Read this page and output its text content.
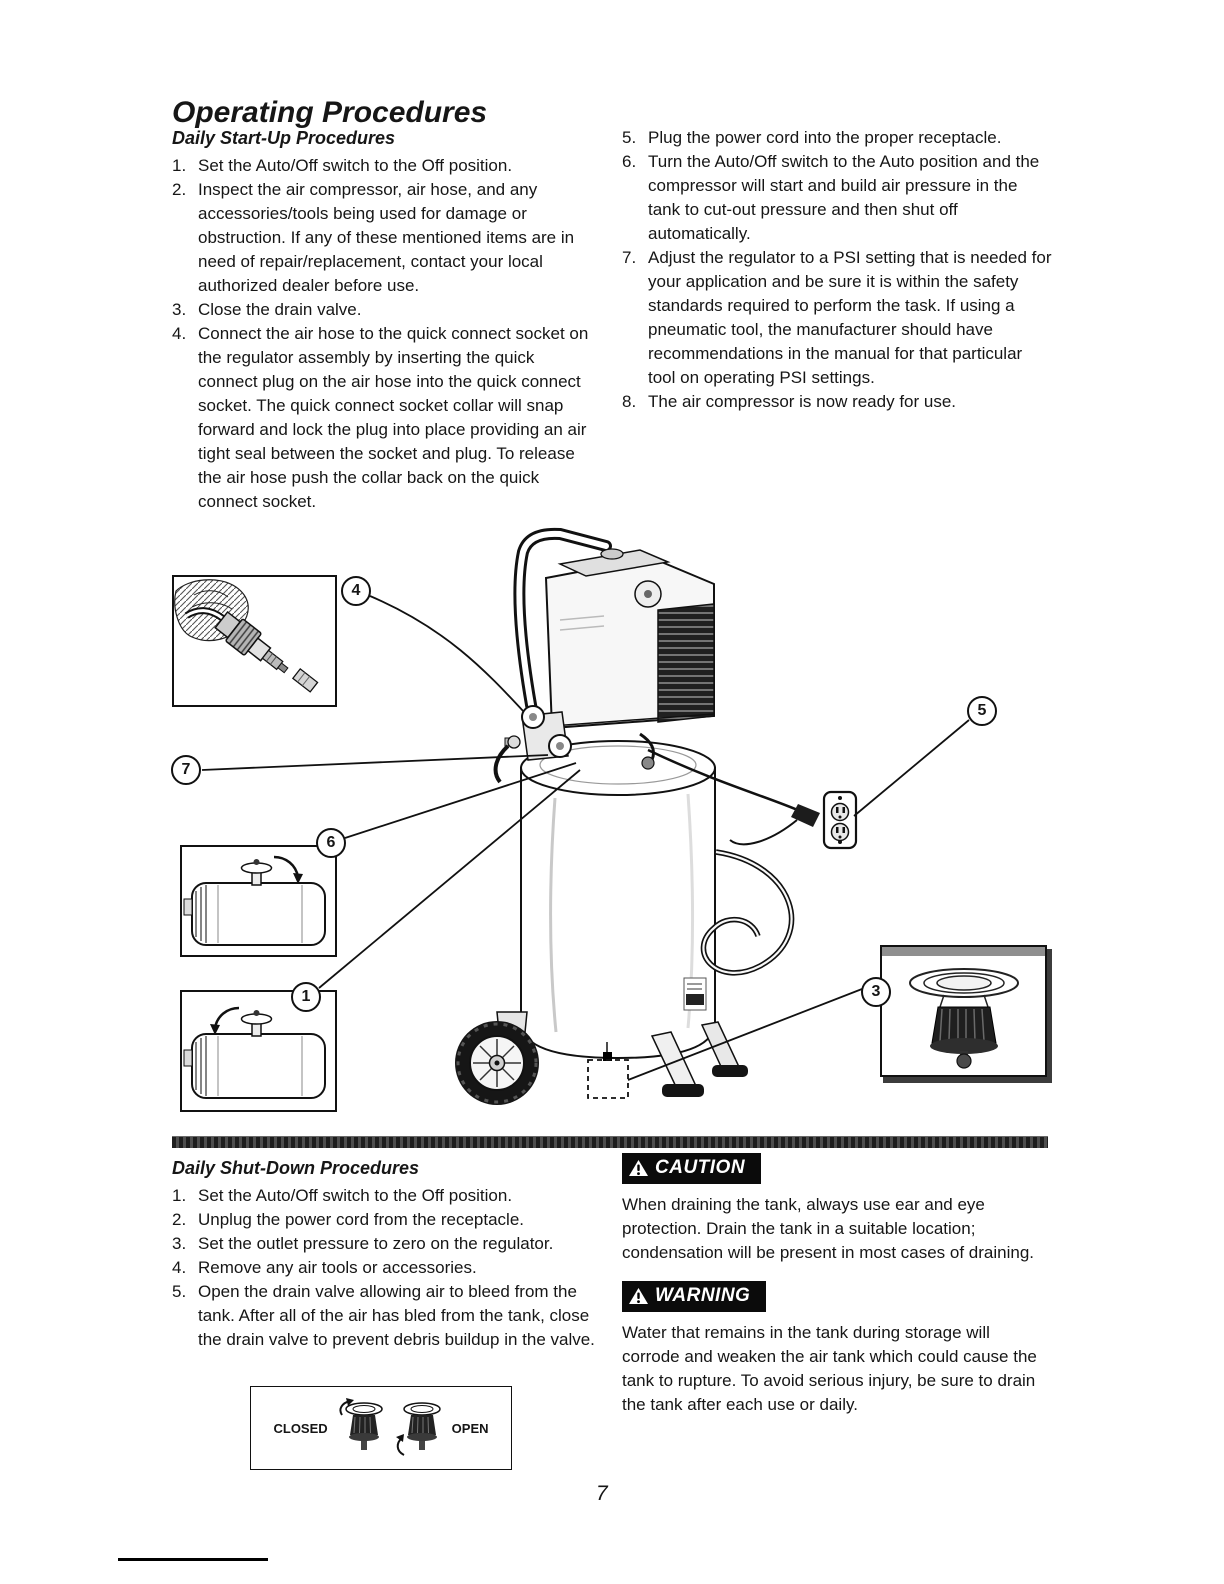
Operating Procedures
Daily Start-Up Procedures
1. Set the Auto/Off switch to the Off position.
2. Inspect the air compressor, air hose, and any accessories/tools being used for damage or obstruction. If any of these mentioned items are in need of repair/replacement, contact your local authorized dealer before use.
3. Close the drain valve.
4. Connect the air hose to the quick connect socket on the regulator assembly by inserting the quick connect plug on the air hose into the quick connect socket. The quick connect socket collar will snap forward and lock the plug into place providing an air tight seal between the socket and plug. To release the air hose push the collar back on the quick connect socket.
5. Plug the power cord into the proper receptacle.
6. Turn the Auto/Off switch to the Auto position and the compressor will start and build air pressure in the tank to cut-out pressure and then shut off automatically.
7. Adjust the regulator to a PSI setting that is needed for your application and be sure it is within the safety standards required to perform the task. If using a pneumatic tool, the manufacturer should have recommendations in the manual for that particular tool on operating PSI settings.
8. The air compressor is now ready for use.
4
7
6
1
5
3
Daily Shut-Down Procedures
1. Set the Auto/Off switch to the Off position.
2. Unplug the power cord from the receptacle.
3. Set the outlet pressure to zero on the regulator.
4. Remove any air tools or accessories.
5. Open the drain valve allowing air to bleed from the tank. After all of the air has bled from the tank, close the drain valve to prevent debris buildup in the valve.
CAUTION

When draining the tank, always use ear and eye protection. Drain the tank in a suitable location; condensation will be present in most cases of draining.

WARNING

Water that remains in the tank during storage will corrode and weaken the air tank which could cause the tank to rupture. To avoid serious injury, be sure to drain the tank after each use or daily.

CLOSED	OPEN
7
